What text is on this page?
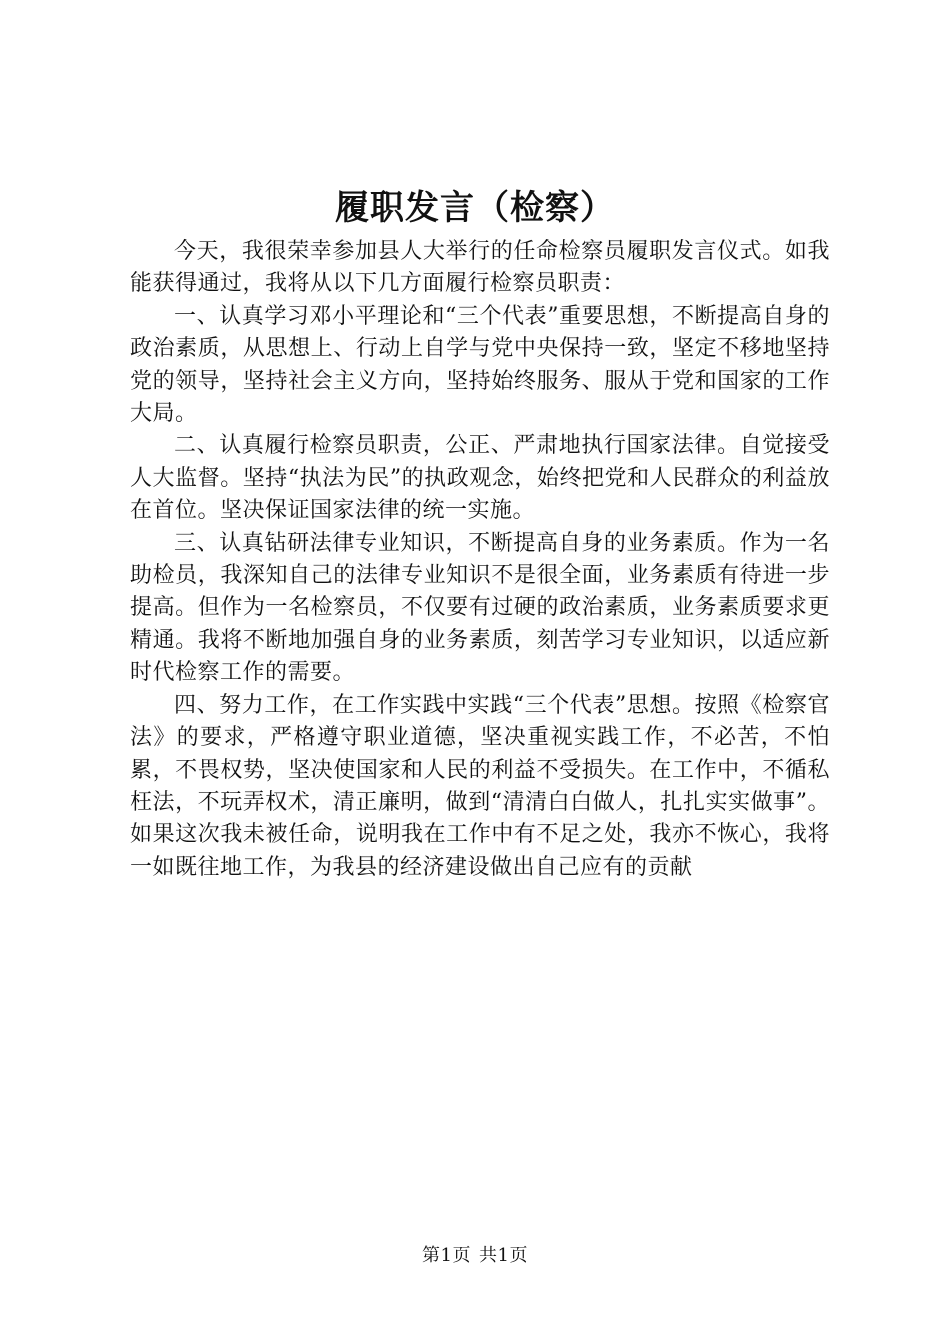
履职发言（检察）

今天，我很荣幸参加县人大举行的任命检察员履职发言仪式。如我能获得通过，我将从以下几方面履行检察员职责：

一、认真学习邓小平理论和“三个代表”重要思想，不断提高自身的政治素质，从思想上、行动上自学与党中央保持一致，坚定不移地坚持党的领导，坚持社会主义方向，坚持始终服务、服从于党和国家的工作大局。

二、认真履行检察员职责，公正、严肃地执行国家法律。自觉接受人大监督。坚持“执法为民”的执政观念，始终把党和人民群众的利益放在首位。坚决保证国家法律的统一实施。

三、认真钻研法律专业知识，不断提高自身的业务素质。作为一名助检员，我深知自己的法律专业知识不是很全面，业务素质有待进一步提高。但作为一名检察员，不仅要有过硬的政治素质，业务素质要求更精通。我将不断地加强自身的业务素质，刻苦学习专业知识，以适应新时代检察工作的需要。

四、努力工作，在工作实践中实践“三个代表”思想。按照《检察官法》的要求，严格遵守职业道德，坚决重视实践工作，不必苦，不怕累，不畏权势，坚决使国家和人民的利益不受损失。在工作中，不循私枉法，不玩弄权术，清正廉明，做到“清清白白做人，扎扎实实做事”。如果这次我未被任命，说明我在工作中有不足之处，我亦不恢心，我将一如既往地工作，为我县的经济建设做出自己应有的贡献

第1页 共1页
